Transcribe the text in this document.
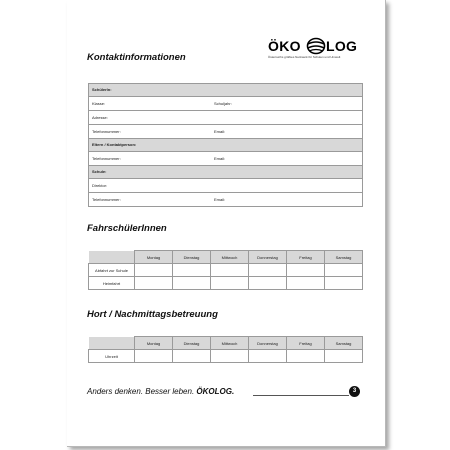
Kontaktinformationen
ÖKO LOG
Österreichs größtes Netzwerk für Schulen und Umwelt
SchülerIn:
Klasse:	Schuljahr:
Adresse:
Telefonnummer:	Email:
Eltern / Kontaktperson:
Telefonnummer:	Email:
Schule:
Direktor:
Telefonnummer:	Email:
FahrschülerInnen
	Montag	Dienstag	Mittwoch	Donnerstag	Freitag	Samstag
Abfahrt zur Schule						
Heimfahrt						
Hort / Nachmittagsbetreuung
	Montag	Dienstag	Mittwoch	Donnerstag	Freitag	Samstag
Uhrzeit						
Anders denken. Besser leben. ÖKOLOG.	3
